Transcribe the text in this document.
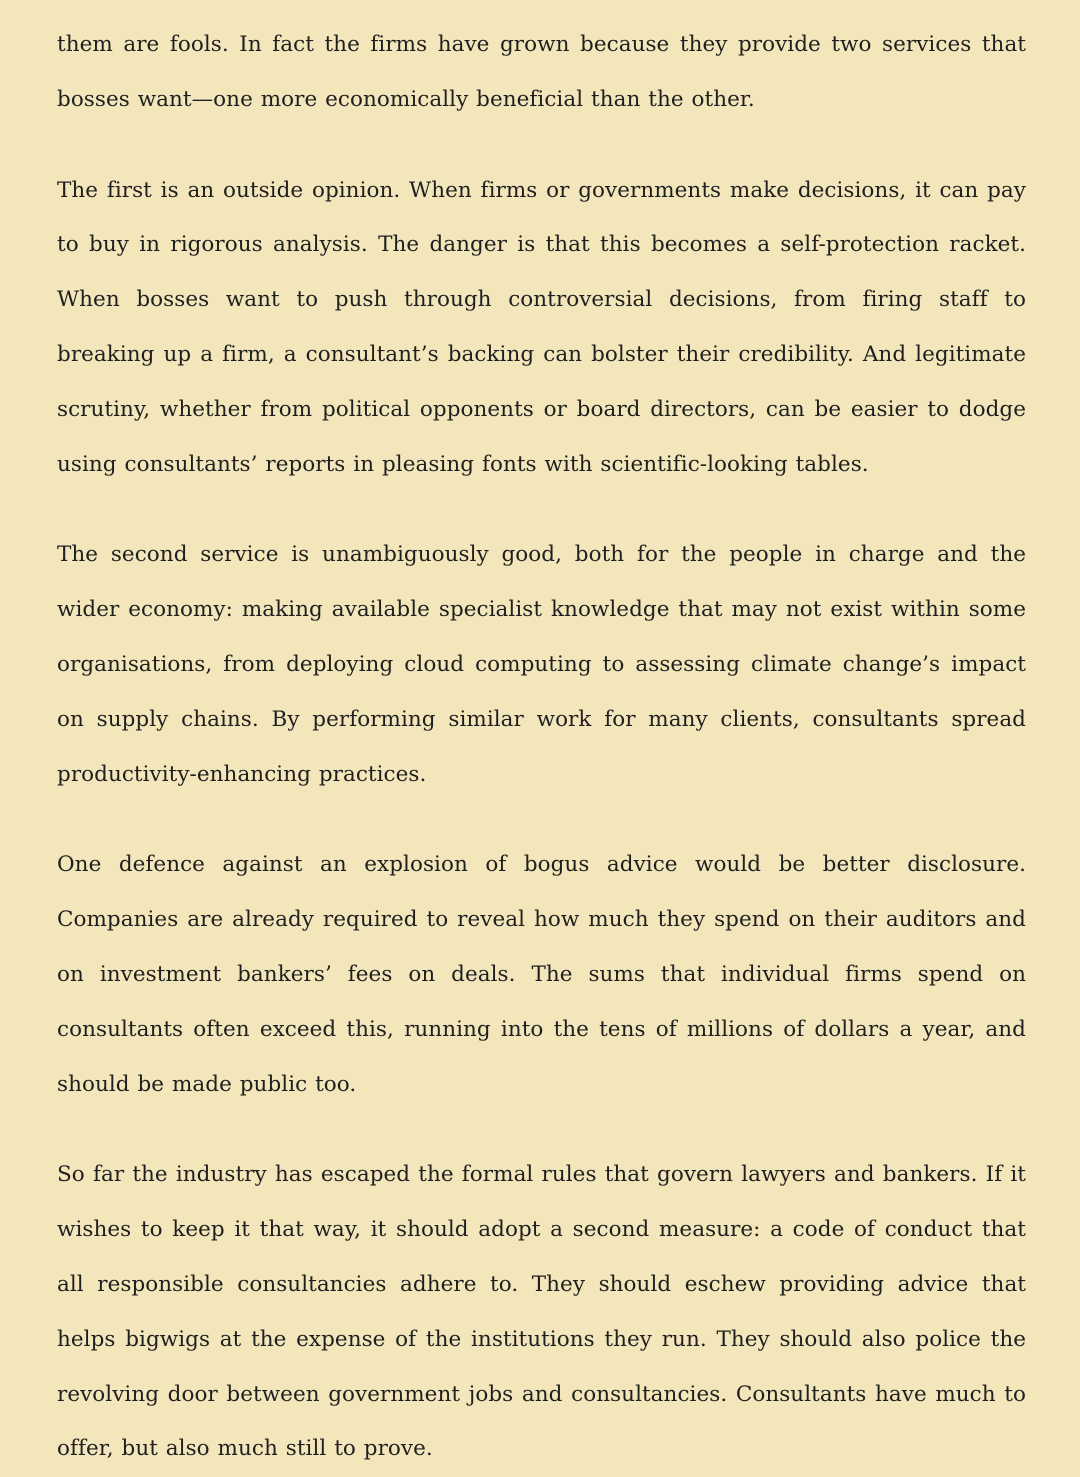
them are fools. In fact the firms have grown because they provide two services that bosses want—one more economically beneficial than the other.

The first is an outside opinion. When firms or governments make decisions, it can pay to buy in rigorous analysis. The danger is that this becomes a self-protection racket. When bosses want to push through controversial decisions, from firing staff to breaking up a firm, a consultant’s backing can bolster their credibility. And legitimate scrutiny, whether from political opponents or board directors, can be easier to dodge using consultants’ reports in pleasing fonts with scientific-looking tables.

The second service is unambiguously good, both for the people in charge and the wider economy: making available specialist knowledge that may not exist within some organisations, from deploying cloud computing to assessing climate change’s impact on supply chains. By performing similar work for many clients, consultants spread productivity-enhancing practices.

One defence against an explosion of bogus advice would be better disclosure. Companies are already required to reveal how much they spend on their auditors and on investment bankers’ fees on deals. The sums that individual firms spend on consultants often exceed this, running into the tens of millions of dollars a year, and should be made public too.

So far the industry has escaped the formal rules that govern lawyers and bankers. If it wishes to keep it that way, it should adopt a second measure: a code of conduct that all responsible consultancies adhere to. They should eschew providing advice that helps bigwigs at the expense of the institutions they run. They should also police the revolving door between government jobs and consultancies. Consultants have much to offer, but also much still to prove.
